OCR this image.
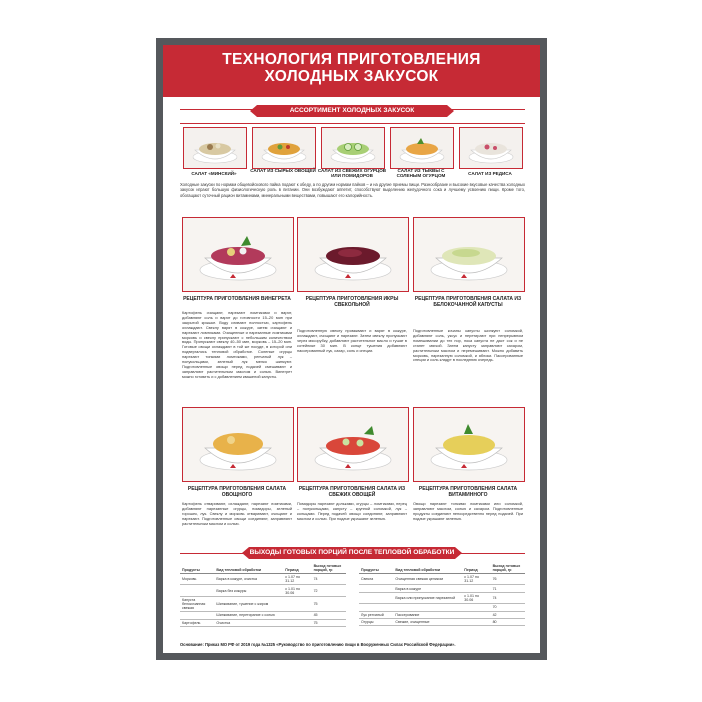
ТЕХНОЛОГИЯ ПРИГОТОВЛЕНИЯ
ХОЛОДНЫХ ЗАКУСОК
АССОРТИМЕНТ ХОЛОДНЫХ ЗАКУСОК
САЛАТ «МИНСКИЙ»
САЛАТ ИЗ СЫРЫХ ОВОЩЕЙ САЛАТ ИЗ СВЕЖИХ ОГУРЦОВ ИЛИ ПОМИДОРОВ
САЛАТ ИЗ ТЫКВЫ С СОЛЕНЫМ ОГУРЦОМ	САЛАТ ИЗ РЕДИСА
Холодные закуски по нормам общевойскового пайка подают к обеду, а по другим нормам пайков – и на другие приемы пищи. Разнообразие и высокие вкусовые качества холодных закусок играют большую физиологическую роль в питании. Они возбуждают аппетит, способствуют выделению желудочного сока и лучшему усвоению пищи. Кроме того, обогащают суточный рацион витаминами, минеральными веществами, повышают его калорийность.
РЕЦЕПТУРА ПРИГОТОВЛЕНИЯ ВИНЕГРЕТА	РЕЦЕПТУРА ПРИГОТОВЛЕНИЯ ИКРЫ СВЕКОЛЬНОЙ
РЕЦЕПТУРА ПРИГОТОВЛЕНИЯ САЛАТА ИЗ БЕЛОКОЧАННОЙ КАПУСТЫ
Картофель очищают, нарезают ломтиками и варят, добавляют соль и варят до готовности 15–20 мин при закрытой крышке. Воду сливают полностью, картофель охлаждают. Свеклу варят в кожуре, затем очищают и нарезают ломтиками. Очищенные и нарезанные ломтиками морковь и свеклу припускают с небольшим количеством воды. Припускают свеклу 40–50 мин, морковь – 15–20 мин. Готовые овощи охлаждают в той же посуде, в которой они подвергались тепловой обработке. Соленые огурцы нарезают тонкими ломтиками, репчатый лук – полукольцами, зеленый лук мелко шинкуют. Подготовленные овощи перед подачей смешивают и заправляют растительным маслом и солью. Винегрет можно готовить и с добавлением квашеной капусты.
Подготовленную свеклу промывают и варят в кожуре, охлаждают, очищают и нарезают. Затем свеклу пропускают через мясорубку, добавляют растительное масло и тушат в сотейнике 30 мин. В конце тушения добавляют пассерованный лук, сахар, соль и специи.
Подготовленные кочаны капусты шинкуют соломкой, добавляют соль, уксус и перетирают при непрерывном помешивании до тех пор, пока капуста не даст сок и не станет мягкой. Затем капусту заправляют сахаром, растительным маслом и перемешивают. Можно добавить морковь, нарезанную соломкой, и яблоки. Пассерованные специи и соль кладут в последнюю очередь.
РЕЦЕПТУРА ПРИГОТОВЛЕНИЯ САЛАТА ОВОЩНОГО
РЕЦЕПТУРА ПРИГОТОВЛЕНИЯ САЛАТА ИЗ СВЕЖИХ ОВОЩЕЙ
РЕЦЕПТУРА ПРИГОТОВЛЕНИЯ САЛАТА ВИТАМИННОГО
Картофель отваривают, охлаждают, нарезают ломтиками, добавляют нарезанные огурцы, помидоры, зеленый горошек, лук. Свеклу и морковь отваривают, очищают и нарезают. Подготовленные овощи соединяют, заправляют растительным маслом и солью.
Помидоры нарезают дольками, огурцы – ломтиками, перец – полукольцами, капусту – крупной соломкой, лук – кольцами. Перед подачей овощи соединяют, заправляют маслом и солью. При подаче украшают зеленью.
Овощи нарезают тонкими ломтиками или соломкой, заправляют маслом, солью и сахаром. Подготовленные продукты соединяют непосредственно перед подачей. При подаче украшают зеленью.
ВЫХОДЫ ГОТОВЫХ ПОРЦИЙ ПОСЛЕ ТЕПЛОВОЙ ОБРАБОТКИ
Продукты	Вид тепловой обработки	Период	Выход готовых порций, гр
Морковь	Варка в кожуре, очистка	с 1.07 по 31.12	74
	Варка без кожуры	с 1.01 по 30.06	72
Капуста белокочанная свежая	Шинкование, тушение с жиром		75
	Шинкование, перетирание с солью		45
Картофель	Очистка		75
Продукты	Вид тепловой обработки	Период	Выход готовых порций, гр
Свекла	Очищенная свежая целиком	с 1.07 по 31.12	76
	Варка в кожуре		71
	Варка или припускание нарезанной	с 1.01 по 30.06	74
			70
Лук репчатый	Пассерование		42
Огурцы	Свежие, очищенные		80
Основание: Приказ МО РФ от 2019 года №1325 «Руководство по приготовлению пищи в Вооруженных Силах Российской Федерации».
